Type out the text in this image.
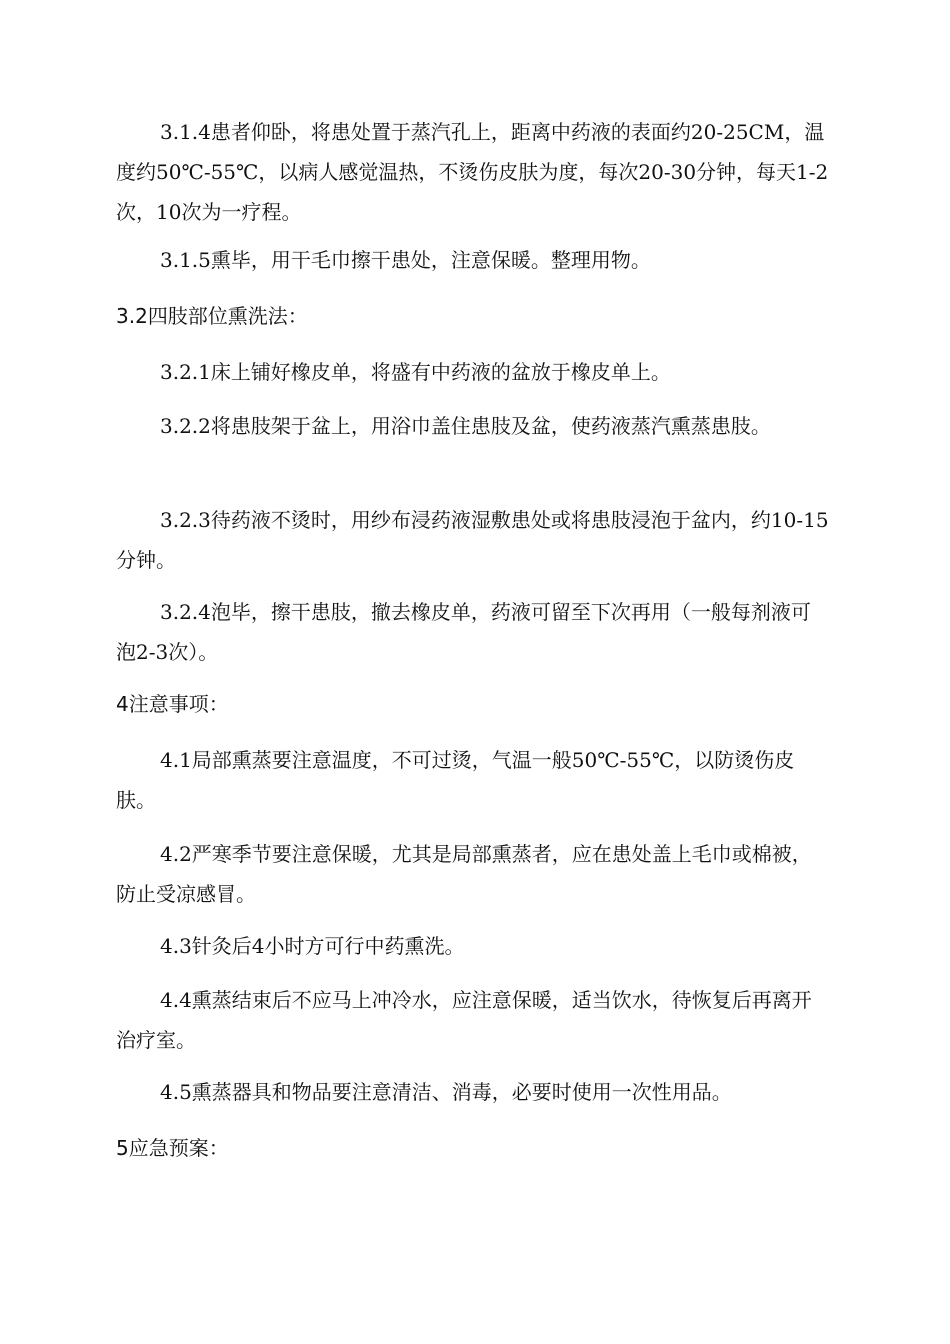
3.1.4患者仰卧，将患处置于蒸汽孔上，距离中药液的表面约20-25CM，温度约50℃-55℃，以病人感觉温热，不烫伤皮肤为度，每次20-30分钟，每天1-2次，10次为一疗程。

3.1.5熏毕，用干毛巾擦干患处，注意保暖。整理用物。

3.2四肢部位熏洗法：

3.2.1床上铺好橡皮单，将盛有中药液的盆放于橡皮单上。

3.2.2将患肢架于盆上，用浴巾盖住患肢及盆，使药液蒸汽熏蒸患肢。

3.2.3待药液不烫时，用纱布浸药液湿敷患处或将患肢浸泡于盆内，约10-15分钟。

3.2.4泡毕，擦干患肢，撤去橡皮单，药液可留至下次再用（一般每剂液可泡2-3次）。

4注意事项：

4.1局部熏蒸要注意温度，不可过烫，气温一般50℃-55℃，以防烫伤皮肤。

4.2严寒季节要注意保暖，尤其是局部熏蒸者，应在患处盖上毛巾或棉被，防止受凉感冒。

4.3针灸后4小时方可行中药熏洗。

4.4熏蒸结束后不应马上冲冷水，应注意保暖，适当饮水，待恢复后再离开治疗室。

4.5熏蒸器具和物品要注意清洁、消毒，必要时使用一次性用品。

5应急预案：
